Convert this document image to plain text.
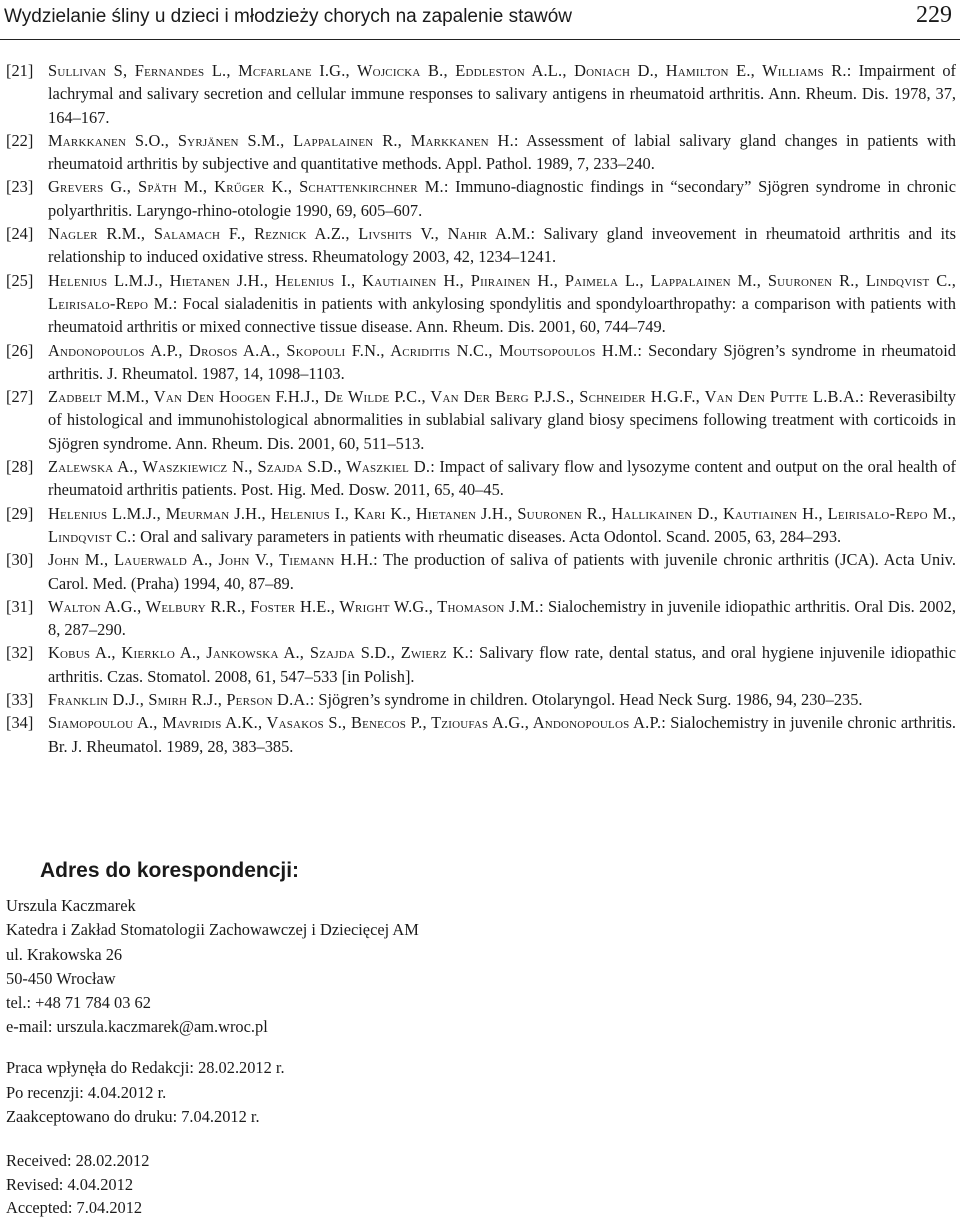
Wydzielanie śliny u dzieci i młodzieży chorych na zapalenie stawów	229
[21] Sullivan S, Fernandes L., Mcfarlane I.G., Wojcicka B., Eddleston A.L., Doniach D., Hamilton E., Williams R.: Impairment of lachrymal and salivary secretion and cellular immune responses to salivary antigens in rheumatoid arthritis. Ann. Rheum. Dis. 1978, 37, 164–167.
[22] Markkanen S.O., Syrjänen S.M., Lappalainen R., Markkanen H.: Assessment of labial salivary gland changes in patients with rheumatoid arthritis by subjective and quantitative methods. Appl. Pathol. 1989, 7, 233–240.
[23] Grevers G., Späth M., Krűger K., Schattenkirchner M.: Immuno-diagnostic findings in “secondary” Sjögren syndrome in chronic polyarthritis. Laryngo-rhino-otologie 1990, 69, 605–607.
[24] Nagler R.M., Salamach F., Reznick A.Z., Livshits V., Nahir A.M.: Salivary gland inveovement in rheumatoid arthritis and its relationship to induced oxidative stress. Rheumatology 2003, 42, 1234–1241.
[25] Helenius L.M.J., Hietanen J.H., Helenius I., Kautiainen H., Piirainen H., Paimela L., Lappalainen M., Suuronen R., Lindqvist C., Leirisalo-Repo M.: Focal sialadenitis in patients with ankylosing spondylitis and spondyloarthropathy: a comparison with patients with rheumatoid arthritis or mixed connective tissue disease. Ann. Rheum. Dis. 2001, 60, 744–749.
[26] Andonopoulos A.P., Drosos A.A., Skopouli F.N., Acriditis N.C., Moutsopoulos H.M.: Secondary Sjögren’s syndrome in rheumatoid arthritis. J. Rheumatol. 1987, 14, 1098–1103.
[27] Zadbelt M.M., Van Den Hoogen F.H.J., De Wilde P.C., Van Der Berg P.J.S., Schneider H.G.F., Van Den Putte L.B.A.: Reverasibilty of histological and immunohistological abnormalities in sublabial salivary gland biosy specimens following treatment with corticoids in Sjögren syndrome. Ann. Rheum. Dis. 2001, 60, 511–513.
[28] Zalewska A., Waszkiewicz N., Szajda S.D., Waszkiel D.: Impact of salivary flow and lysozyme content and output on the oral health of rheumatoid arthritis patients. Post. Hig. Med. Dosw. 2011, 65, 40–45.
[29] Helenius L.M.J., Meurman J.H., Helenius I., Kari K., Hietanen J.H., Suuronen R., Hallikainen D., Kautiainen H., Leirisalo-Repo M., Lindqvist C.: Oral and salivary parameters in patients with rheumatic diseases. Acta Odontol. Scand. 2005, 63, 284–293.
[30] John M., Lauerwald A., John V., Tiemann H.H.: The production of saliva of patients with juvenile chronic arthritis (JCA). Acta Univ. Carol. Med. (Praha) 1994, 40, 87–89.
[31] Walton A.G., Welbury R.R., Foster H.E., Wright W.G., Thomason J.M.: Sialochemistry in juvenile idiopathic arthritis. Oral Dis. 2002, 8, 287–290.
[32] Kobus A., Kierklo A., Jankowska A., Szajda S.D., Zwierz K.: Salivary flow rate, dental status, and oral hygiene injuvenile idiopathic arthritis. Czas. Stomatol. 2008, 61, 547–533 [in Polish].
[33] Franklin D.J., Smirh R.J., Person D.A.: Sjögren’s syndrome in children. Otolaryngol. Head Neck Surg. 1986, 94, 230–235.
[34] Siamopoulou A., Mavridis A.K., Vasakos S., Benecos P., Tzioufas A.G., Andonopoulos A.P.: Sialochemistry in juvenile chronic arthritis. Br. J. Rheumatol. 1989, 28, 383–385.
Adres do korespondencji:
Urszula Kaczmarek
Katedra i Zakład Stomatologii Zachowawczej i Dziecięcej AM
ul. Krakowska 26
50-450 Wrocław
tel.: +48 71 784 03 62
e-mail: urszula.kaczmarek@am.wroc.pl
Praca wpłynęła do Redakcji: 28.02.2012 r.
Po recenzji: 4.04.2012 r.
Zaakceptowano do druku: 7.04.2012 r.
Received: 28.02.2012
Revised: 4.04.2012
Accepted: 7.04.2012
